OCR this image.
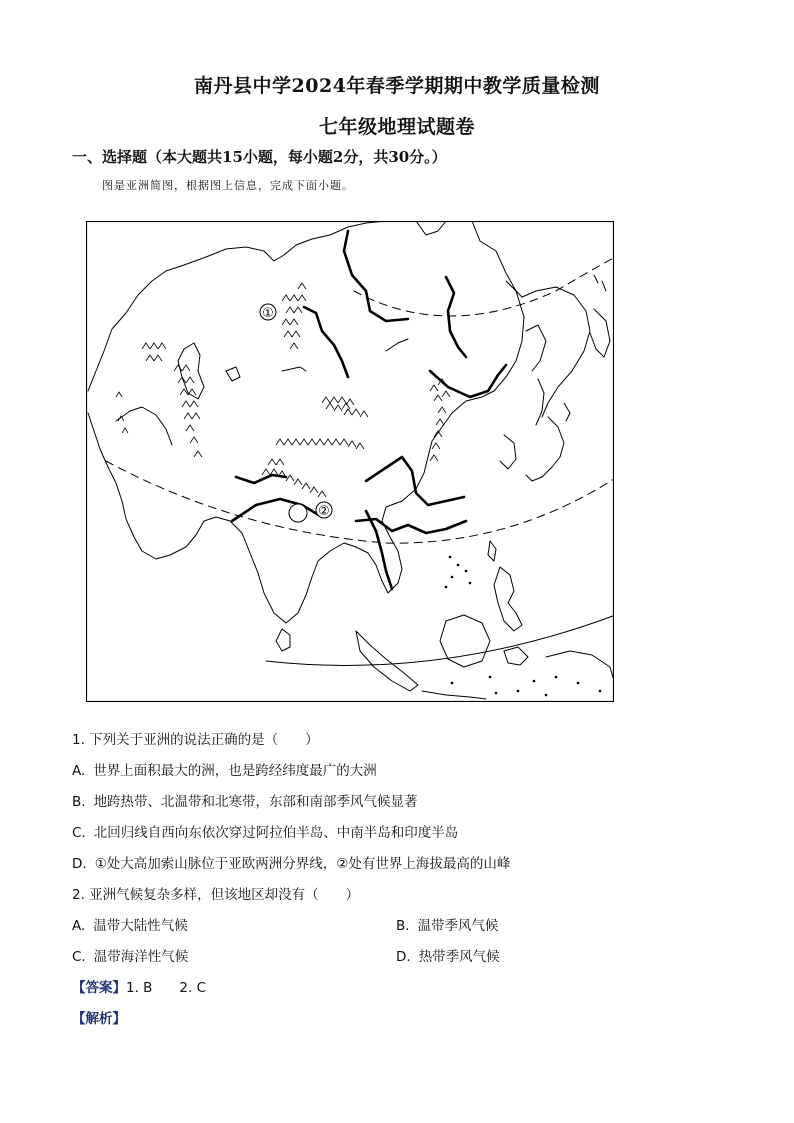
南丹县中学2024年春季学期期中教学质量检测
七年级地理试题卷
一、选择题（本大题共15小题，每小题2分，共30分。）
图是亚洲简图，根据图上信息，完成下面小题。
①
②
1. 下列关于亚洲的说法正确的是（　　）
A. 世界上面积最大的洲，也是跨经纬度最广的大洲
B. 地跨热带、北温带和北寒带，东部和南部季风气候显著
C. 北回归线自西向东依次穿过阿拉伯半岛、中南半岛和印度半岛
D. ①处大高加索山脉位于亚欧两洲分界线，②处有世界上海拔最高的山峰
2. 亚洲气候复杂多样，但该地区却没有（　　）
A. 温带大陆性气候	B. 温带季风气候
C. 温带海洋性气候	D. 热带季风气候
【答案】1. B　　2. C
【解析】
